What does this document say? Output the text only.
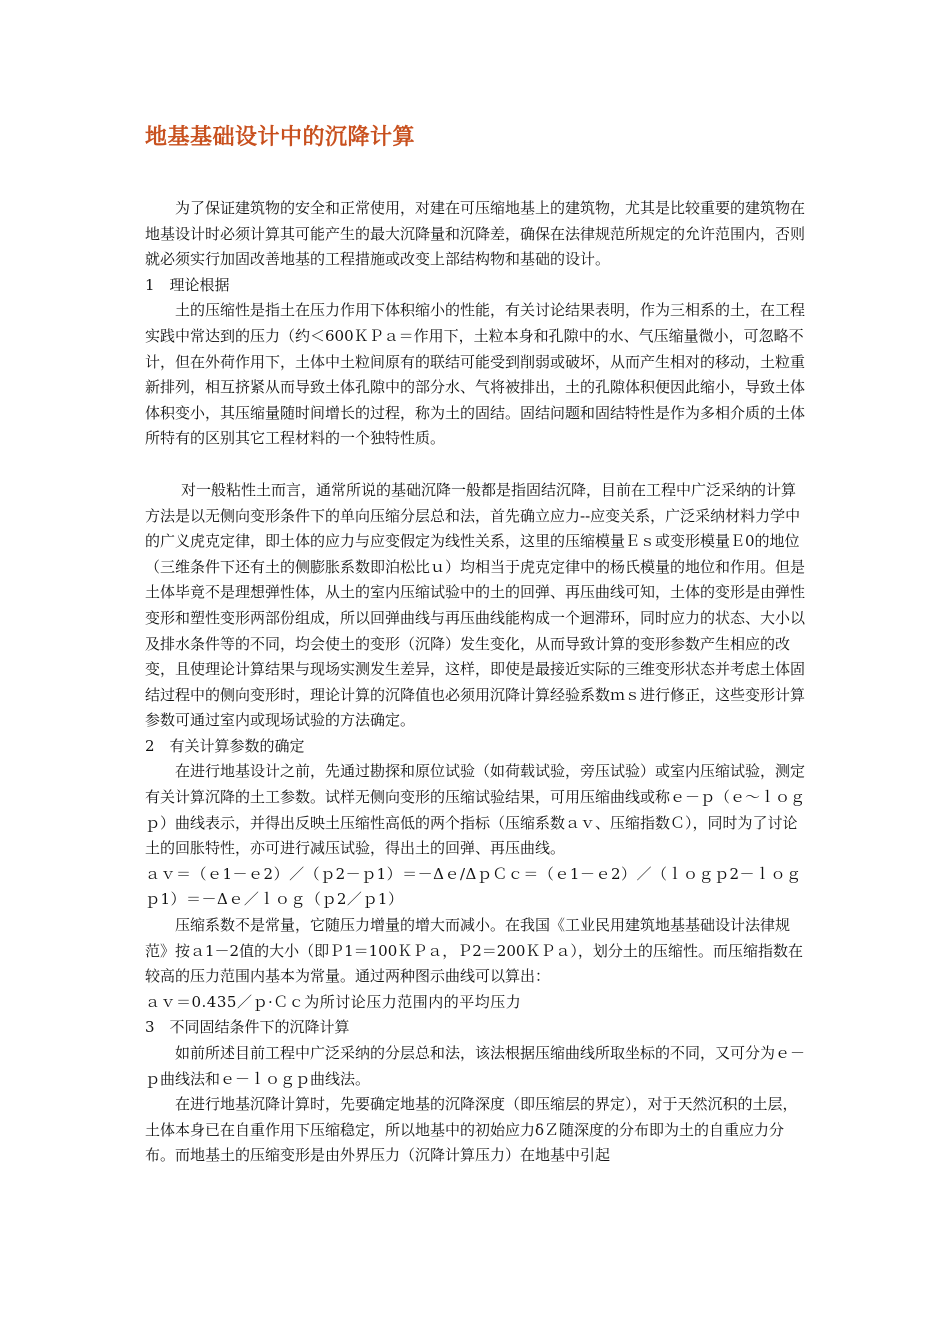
地基基础设计中的沉降计算

为了保证建筑物的安全和正常使用，对建在可压缩地基上的建筑物，尤其是比较重要的建筑物在地基设计时必须计算其可能产生的最大沉降量和沉降差，确保在法律规范所规定的允许范围内，否则就必须实行加固改善地基的工程措施或改变上部结构物和基础的设计。

1　理论根据

土的压缩性是指土在压力作用下体积缩小的性能，有关讨论结果表明，作为三相系的土，在工程实践中常达到的压力（约＜600ＫＰａ＝作用下，土粒本身和孔隙中的水、气压缩量微小，可忽略不计，但在外荷作用下，土体中土粒间原有的联结可能受到削弱或破坏，从而产生相对的移动，土粒重新排列，相互挤紧从而导致土体孔隙中的部分水、气将被排出，土的孔隙体积便因此缩小，导致土体体积变小，其压缩量随时间增长的过程，称为土的固结。固结问题和固结特性是作为多相介质的土体所特有的区别其它工程材料的一个独特性质。

对一般粘性土而言，通常所说的基础沉降一般都是指固结沉降，目前在工程中广泛采纳的计算方法是以无侧向变形条件下的单向压缩分层总和法，首先确立应力--应变关系，广泛采纳材料力学中的广义虎克定律，即土体的应力与应变假定为线性关系，这里的压缩模量Ｅｓ或变形模量Ｅ0的地位（三维条件下还有土的侧膨胀系数即泊松比ｕ）均相当于虎克定律中的杨氏模量的地位和作用。但是土体毕竟不是理想弹性体，从土的室内压缩试验中的土的回弹、再压曲线可知，土体的变形是由弹性变形和塑性变形两部份组成，所以回弹曲线与再压曲线能构成一个迴滞环，同时应力的状态、大小以及排水条件等的不同，均会使土的变形（沉降）发生变化，从而导致计算的变形参数产生相应的改变，且使理论计算结果与现场实测发生差异，这样，即使是最接近实际的三维变形状态并考虑土体固结过程中的侧向变形时，理论计算的沉降值也必须用沉降计算经验系数ｍｓ进行修正，这些变形计算参数可通过室内或现场试验的方法确定。

2　有关计算参数的确定

在进行地基设计之前，先通过勘探和原位试验（如荷载试验，旁压试验）或室内压缩试验，测定有关计算沉降的土工参数。试样无侧向变形的压缩试验结果，可用压缩曲线或称ｅ－ｐ（ｅ～ｌｏｇｐ）曲线表示，并得出反映土压缩性高低的两个指标（压缩系数ａｖ、压缩指数Ｃ），同时为了讨论土的回胀特性，亦可进行减压试验，得出土的回弹、再压曲线。

ａｖ＝（ｅ1－ｅ2）／（ｐ2－ｐ1）＝－Δｅ/ΔｐＣｃ＝（ｅ1－ｅ2）／（ｌｏｇｐ2－ｌｏｇｐ1）＝－Δｅ／ｌｏｇ（ｐ2／ｐ1）

压缩系数不是常量，它随压力增量的增大而减小。在我国《工业民用建筑地基基础设计法律规范》按ａ1－2值的大小（即Ｐ1＝100ＫＰａ，Ｐ2＝200ＫＰａ），划分土的压缩性。而压缩指数在较高的压力范围内基本为常量。通过两种图示曲线可以算出：

ａｖ＝0.435／ｐ·Ｃｃ为所讨论压力范围内的平均压力

3　不同固结条件下的沉降计算

如前所述目前工程中广泛采纳的分层总和法，该法根据压缩曲线所取坐标的不同，又可分为ｅ－ｐ曲线法和ｅ－ｌｏｇｐ曲线法。

在进行地基沉降计算时，先要确定地基的沉降深度（即压缩层的界定），对于天然沉积的土层，土体本身已在自重作用下压缩稳定，所以地基中的初始应力δＺ随深度的分布即为土的自重应力分布。而地基土的压缩变形是由外界压力（沉降计算压力）在地基中引起
